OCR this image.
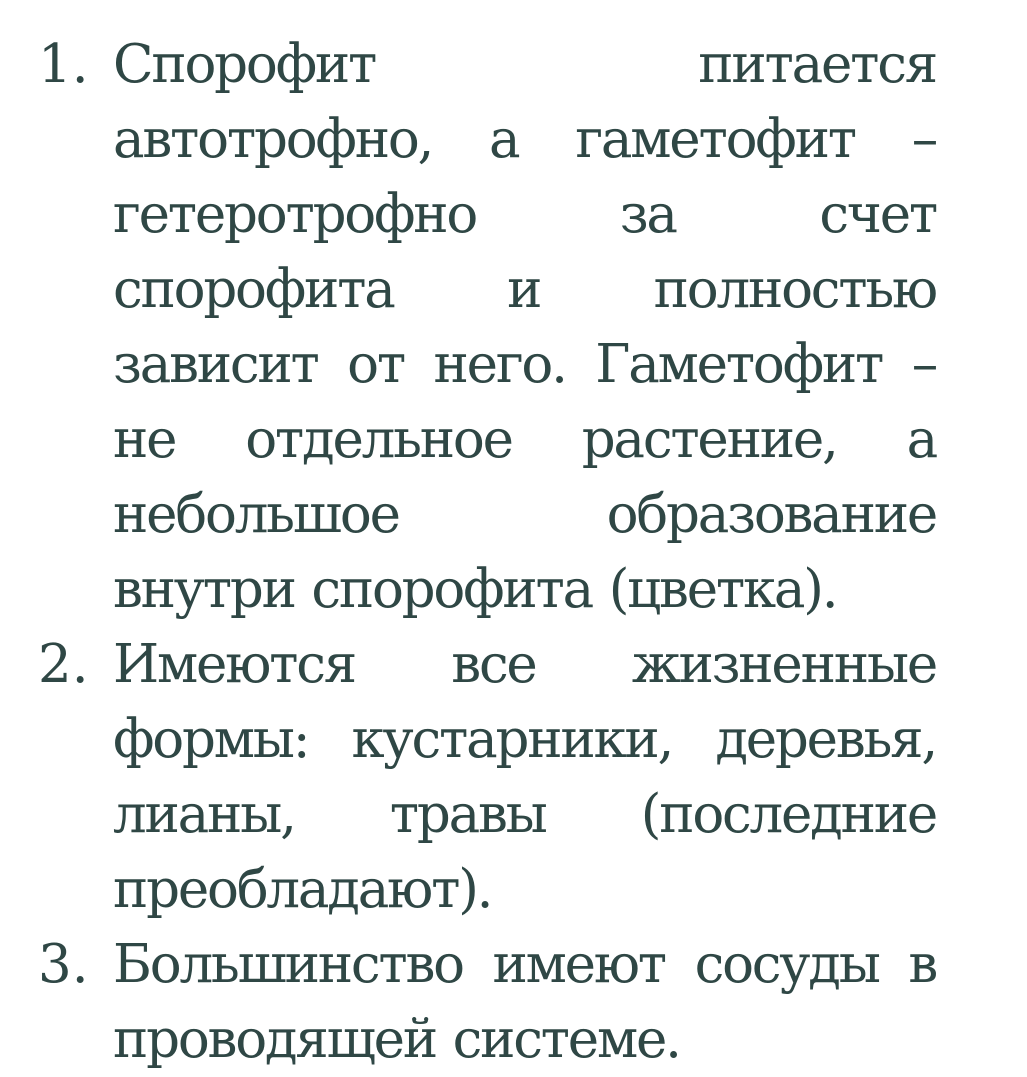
1. Спорофит питается автотрофно, а гаметофит – гетеротрофно за счет спорофита и полностью зависит от него. Гаметофит – не отдельное растение, а небольшое образование внутри спорофита (цветка).
2. Имеются все жизненные формы: кустарники, деревья, лианы, травы (последние преобладают).
3. Большинство имеют сосуды в проводящей системе.
